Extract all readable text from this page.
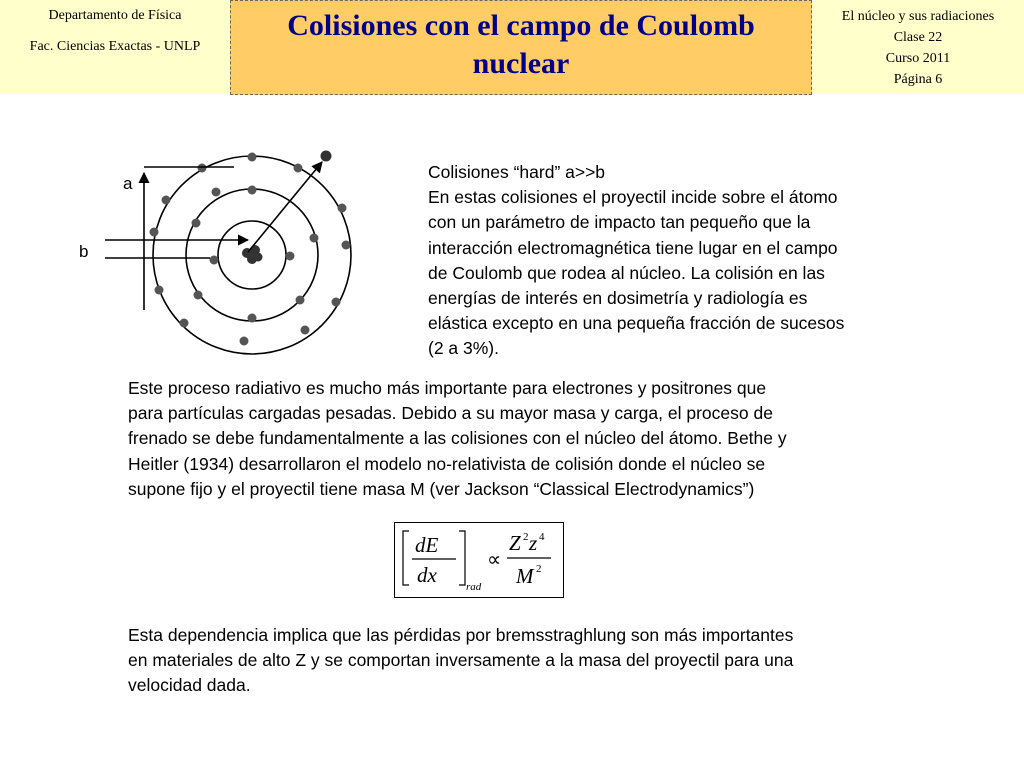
Departamento de Física
Fac. Ciencias Exactas - UNLP
Colisiones con el campo de Coulomb
nuclear
El núcleo y sus radiaciones
Clase 22
Curso 2011
Página 6
a
b
Colisiones “hard” a>>b
En estas colisiones el proyectil incide sobre el átomo
con un parámetro de impacto tan pequeño que la
interacción electromagnética tiene lugar en el campo
de Coulomb que rodea al núcleo. La colisión en las
energías de interés en dosimetría y radiología es
elástica excepto en una pequeña fracción de sucesos
(2 a 3%).
Este proceso radiativo es mucho más importante para electrones y positrones que
para partículas cargadas pesadas. Debido a su mayor masa y carga, el proceso de
frenado se debe fundamentalmente a las colisiones con el núcleo del átomo. Bethe y
Heitler (1934) desarrollaron el modelo no-relativista de colisión donde el núcleo se
supone fijo y el proyectil tiene masa M (ver Jackson “Classical Electrodynamics”)
dE
dx	rad
∝
Z 2 z 4
M 2
Esta dependencia implica que las pérdidas por bremsstraghlung son más importantes
en materiales de alto Z y se comportan inversamente a la masa del proyectil para una
velocidad dada.
